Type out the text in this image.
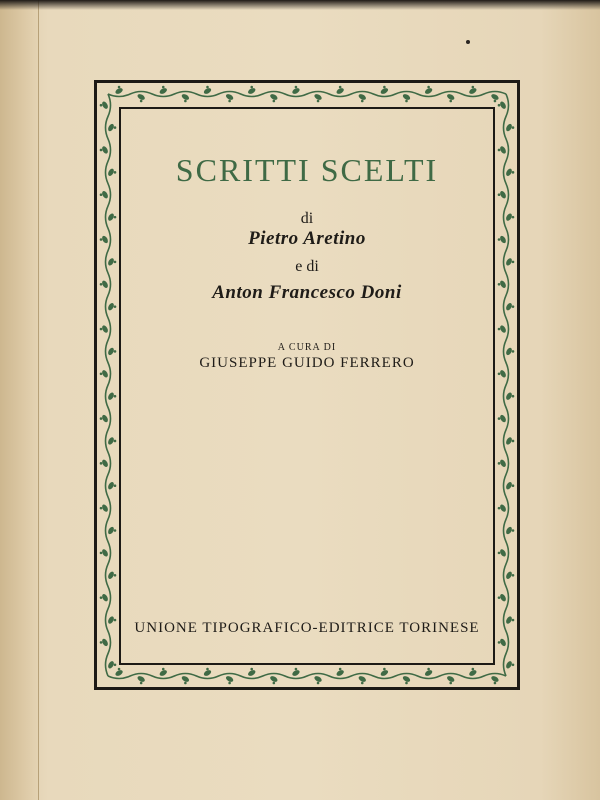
SCRITTI SCELTI
di
Pietro Aretino
e di
Anton Francesco Doni
A CURA DI
GIUSEPPE GUIDO FERRERO
UNIONE TIPOGRAFICO-EDITRICE TORINESE
